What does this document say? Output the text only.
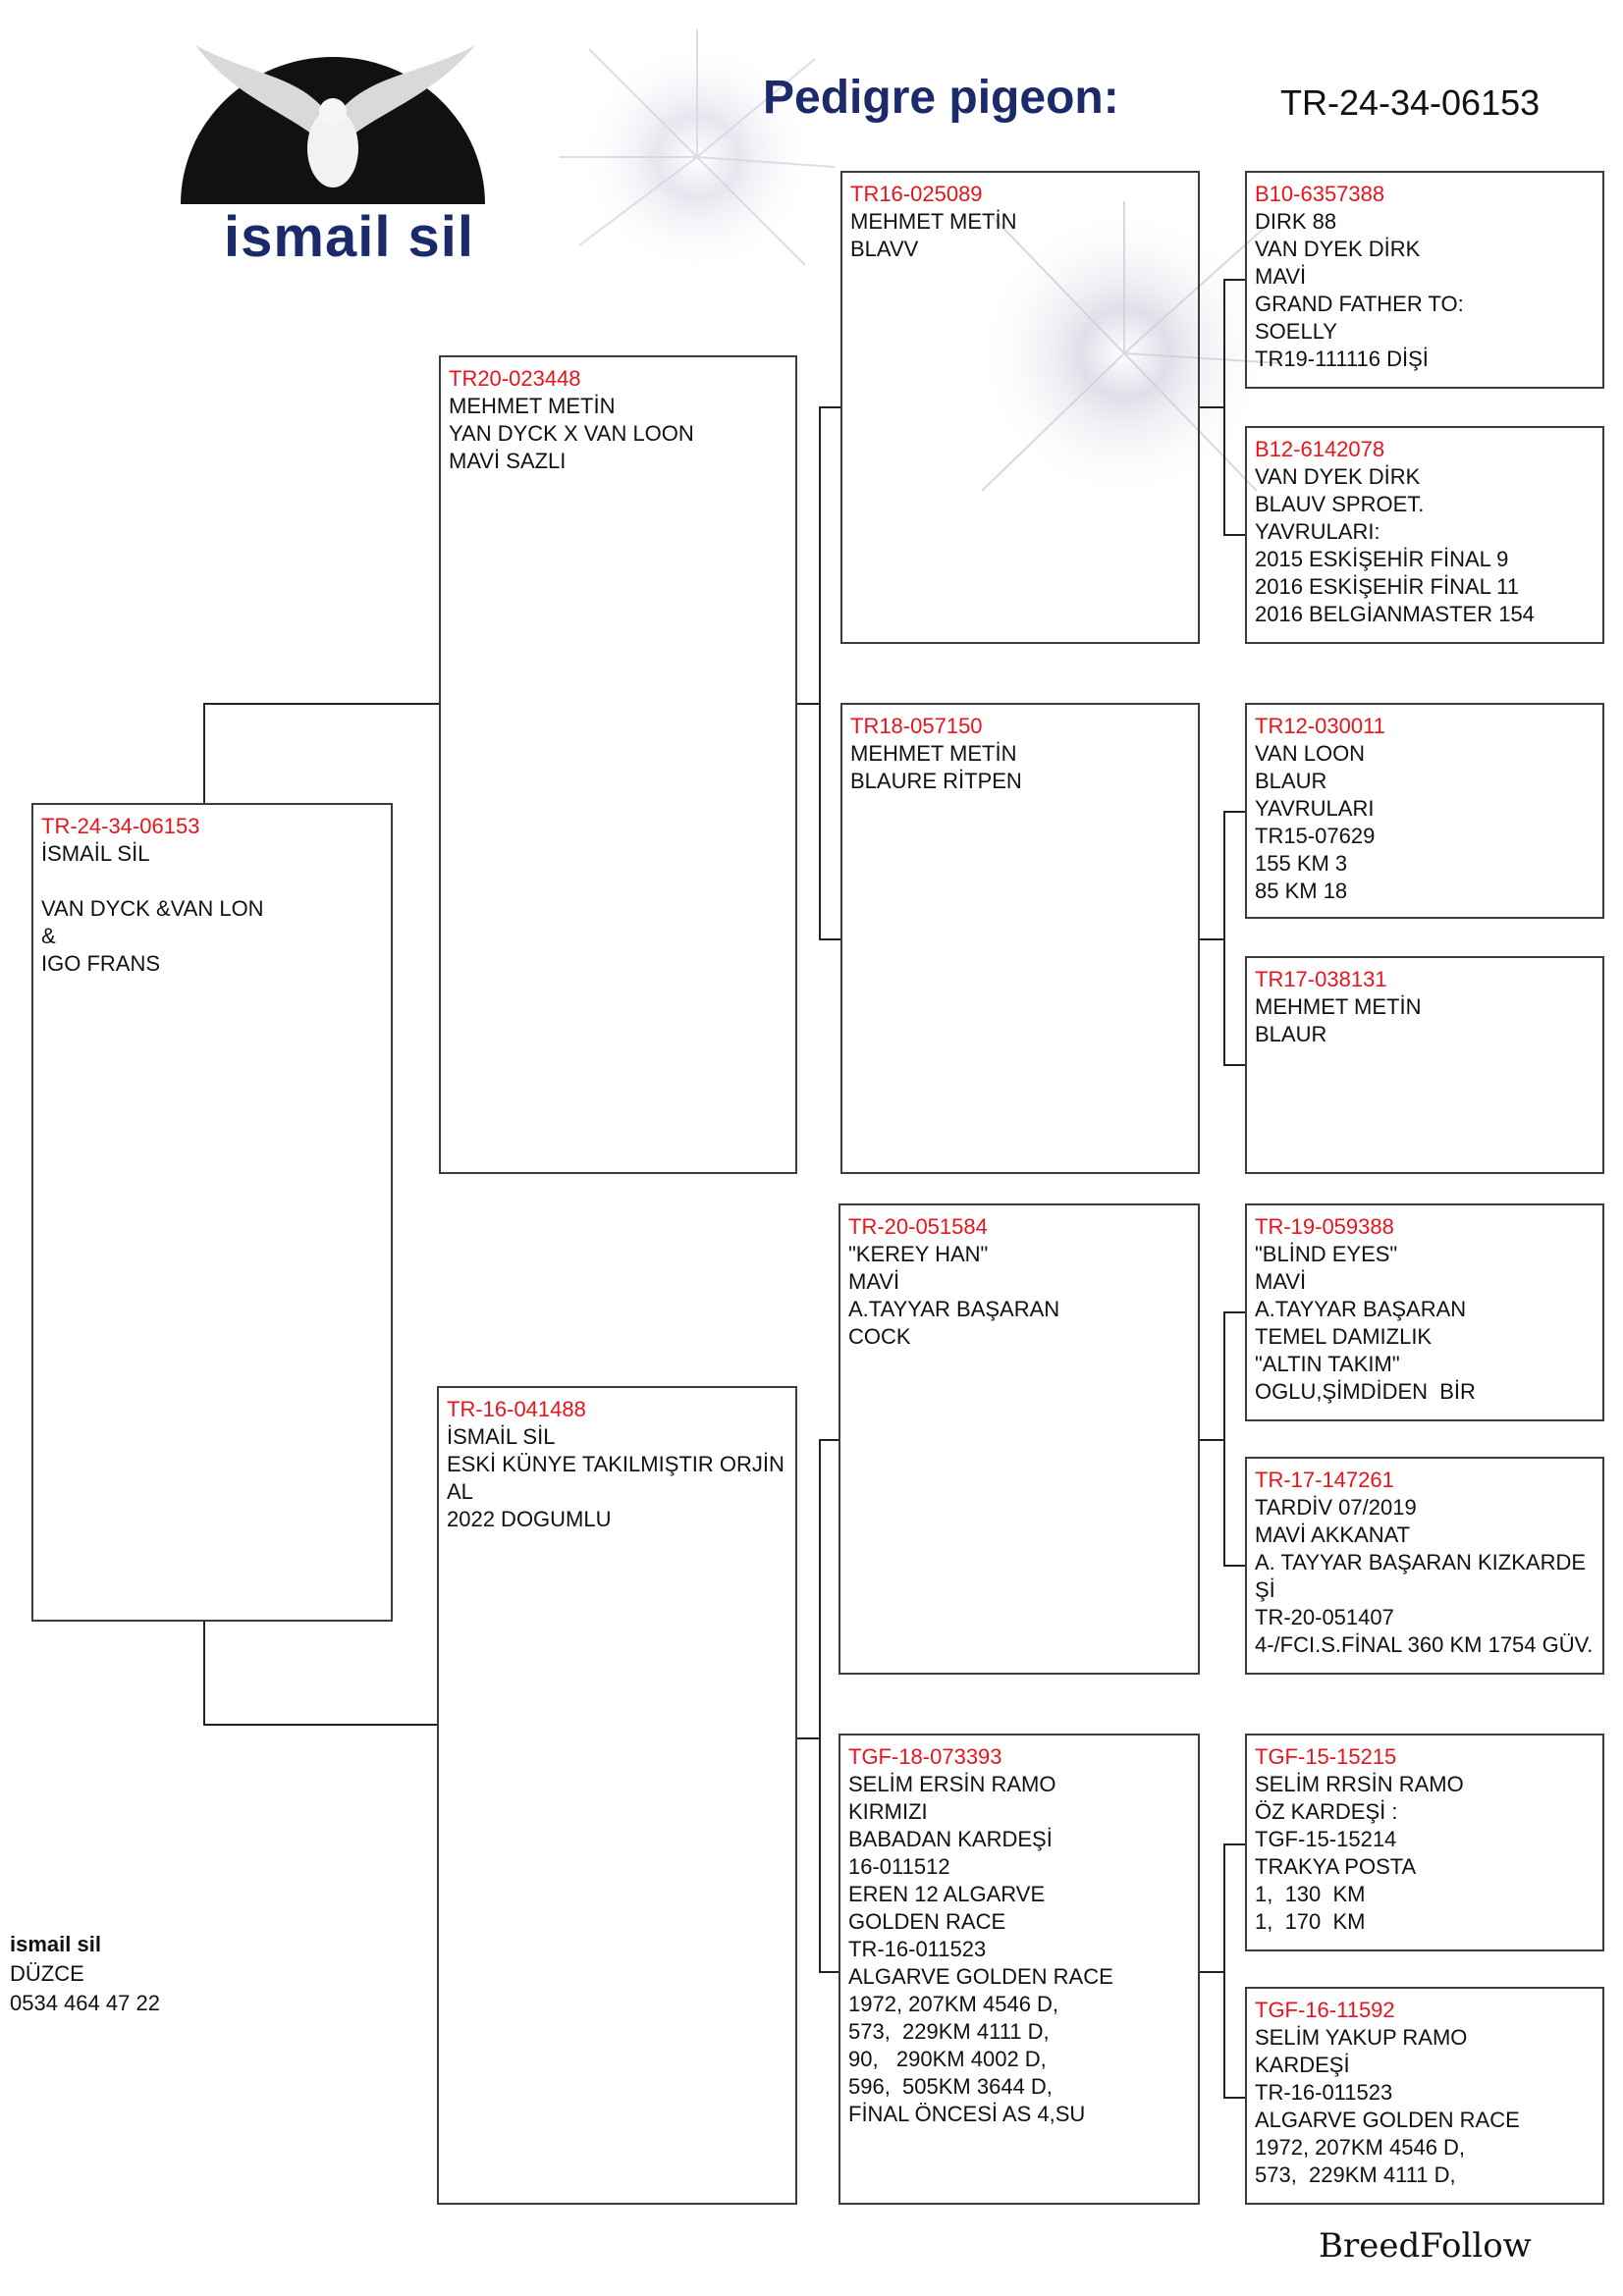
ismail sil
Pedigre pigeon:	TR-24-34-06153
TR-24-34-06153
İSMAİL SİL
VAN DYCK &VAN LON
&
IGO FRANS
TR20-023448
MEHMET METİN
YAN DYCK X VAN LOON
MAVİ SAZLI
TR-16-041488
İSMAİL SİL
ESKİ KÜNYE TAKILMIŞTIR ORJİN
AL
2022 DOGUMLU
TR16-025089
MEHMET METİN
BLAVV
TR18-057150
MEHMET METİN
BLAURE RİTPEN
TR-20-051584
"KEREY HAN"
MAVİ
A.TAYYAR BAŞARAN
COCK
TGF-18-073393
SELİM ERSİN RAMO
KIRMIZI
BABADAN KARDEŞİ
16-011512
EREN 12 ALGARVE
GOLDEN RACE
TR-16-011523
ALGARVE GOLDEN RACE
1972, 207KM 4546 D,
573,  229KM 4111 D,
90,   290KM 4002 D,
596,  505KM 3644 D,
FİNAL ÖNCESİ AS 4,SU
B10-6357388
DIRK 88
VAN DYEK DİRK
MAVİ
GRAND FATHER TO:
SOELLY
TR19-111116 DİŞİ
B12-6142078
VAN DYEK DİRK
BLAUV SPROET.
YAVRULARI:
2015 ESKİŞEHİR FİNAL 9
2016 ESKİŞEHİR FİNAL 11
2016 BELGİANMASTER 154
TR12-030011
VAN LOON
BLAUR
YAVRULARI
TR15-07629
155 KM 3
85 KM 18
TR17-038131
MEHMET METİN
BLAUR
TR-19-059388
"BLİND EYES"
MAVİ
A.TAYYAR BAŞARAN
TEMEL DAMIZLIK
"ALTIN TAKIM"
OGLU,ŞİMDİDEN  BİR
TR-17-147261
TARDİV 07/2019
MAVİ AKKANAT
A. TAYYAR BAŞARAN KIZKARDE
Şİ
TR-20-051407
4-/FCI.S.FİNAL 360 KM 1754 GÜV.
TGF-15-15215
SELİM RRSİN RAMO
ÖZ KARDEŞİ :
TGF-15-15214
TRAKYA POSTA
1,  130  KM
1,  170  KM
TGF-16-11592
SELİM YAKUP RAMO
KARDEŞİ
TR-16-011523
ALGARVE GOLDEN RACE
1972, 207KM 4546 D,
573,  229KM 4111 D,
ismail sil
DÜZCE
0534 464 47 22
BreedFollow
